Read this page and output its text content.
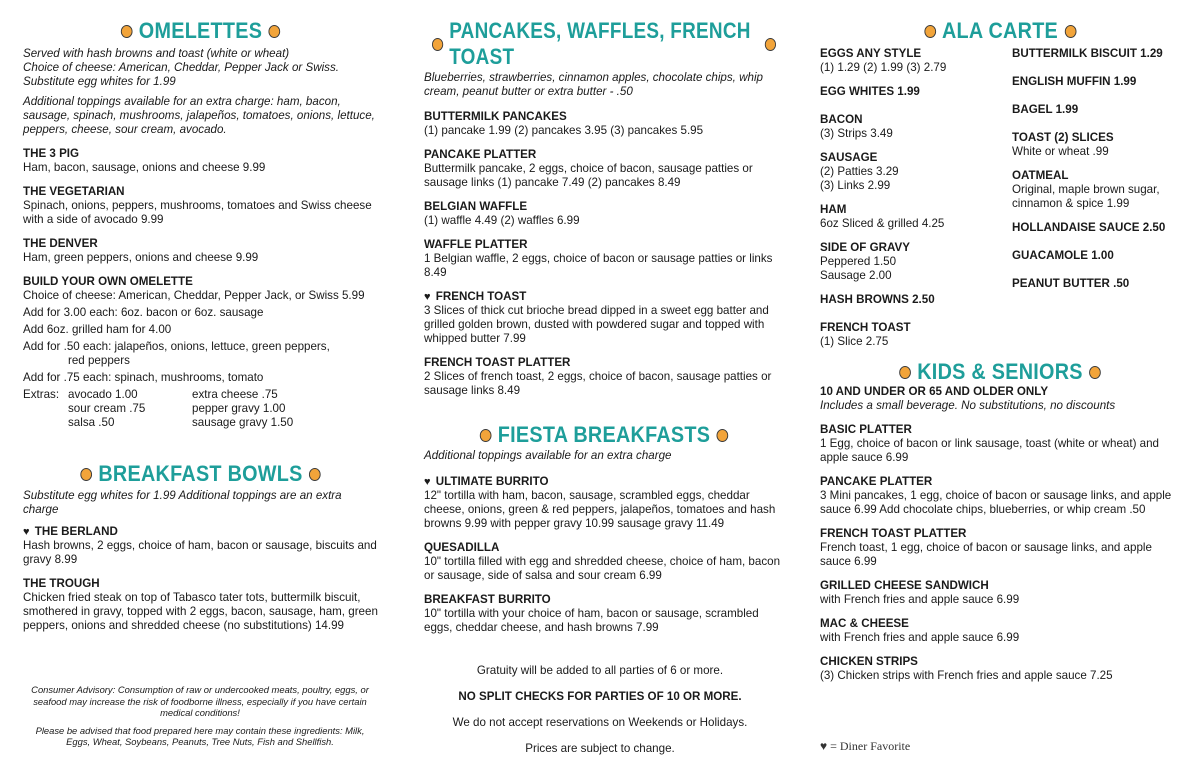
OMELETTES
Served with hash browns and toast (white or wheat)
Choice of cheese: American, Cheddar, Pepper Jack or Swiss.
Substitute egg whites for 1.99
Additional toppings available for an extra charge: ham, bacon, sausage, spinach, mushrooms, jalapeños, tomatoes, onions, lettuce, peppers, cheese, sour cream, avocado.
THE 3 PIG
Ham, bacon, sausage, onions and cheese 9.99
THE VEGETARIAN
Spinach, onions, peppers, mushrooms, tomatoes and Swiss cheese with a side of avocado 9.99
THE DENVER
Ham, green peppers, onions and cheese 9.99
BUILD YOUR OWN OMELETTE
Choice of cheese: American, Cheddar, Pepper Jack, or Swiss 5.99
Add for 3.00 each: 6oz. bacon or 6oz. sausage
Add 6oz. grilled ham for 4.00
Add for .50 each: jalapeños, onions, lettuce, green peppers,
red peppers
Add for .75 each: spinach, mushrooms, tomato
Extras: avocado 1.00	extra cheese .75
sour cream .75	pepper gravy 1.00
salsa .50	sausage gravy 1.50
BREAKFAST BOWLS
Substitute egg whites for 1.99 Additional toppings are an extra charge
♥ THE BERLAND
Hash browns, 2 eggs, choice of ham, bacon or sausage, biscuits and gravy 8.99
THE TROUGH
Chicken fried steak on top of Tabasco tater tots, buttermilk biscuit, smothered in gravy, topped with 2 eggs, bacon, sausage, ham, green peppers, onions and shredded cheese (no substitutions) 14.99
Consumer Advisory: Consumption of raw or undercooked meats, poultry, eggs, or seafood may increase the risk of foodborne illness, especially if you have certain medical conditions!
Please be advised that food prepared here may contain these ingredients: Milk, Eggs, Wheat, Soybeans, Peanuts, Tree Nuts, Fish and Shellfish.
PANCAKES, WAFFLES, FRENCH TOAST
Blueberries, strawberries, cinnamon apples, chocolate chips, whip cream, peanut butter or extra butter - .50
BUTTERMILK PANCAKES
(1) pancake 1.99 (2) pancakes 3.95 (3) pancakes 5.95
PANCAKE PLATTER
Buttermilk pancake, 2 eggs, choice of bacon, sausage patties or sausage links (1) pancake 7.49 (2) pancakes 8.49
BELGIAN WAFFLE
(1) waffle 4.49 (2) waffles 6.99
WAFFLE PLATTER
1 Belgian waffle, 2 eggs, choice of bacon or sausage patties or links 8.49
♥ FRENCH TOAST
3 Slices of thick cut brioche bread dipped in a sweet egg batter and grilled golden brown, dusted with powdered sugar and topped with whipped butter 7.99
FRENCH TOAST PLATTER
2 Slices of french toast, 2 eggs, choice of bacon, sausage patties or sausage links 8.49
FIESTA BREAKFASTS
Additional toppings available for an extra charge
♥ ULTIMATE BURRITO
12" tortilla with ham, bacon, sausage, scrambled eggs, cheddar cheese, onions, green & red peppers, jalapeños, tomatoes and hash browns 9.99 with pepper gravy 10.99 sausage gravy 11.49
QUESADILLA
10" tortilla filled with egg and shredded cheese, choice of ham, bacon or sausage, side of salsa and sour cream 6.99
BREAKFAST BURRITO
10" tortilla with your choice of ham, bacon or sausage, scrambled eggs, cheddar cheese, and hash browns 7.99
Gratuity will be added to all parties of 6 or more.
NO SPLIT CHECKS FOR PARTIES OF 10 OR MORE.
We do not accept reservations on Weekends or Holidays.
Prices are subject to change.
ALA CARTE
EGGS ANY STYLE
(1) 1.29 (2) 1.99 (3) 2.79
EGG WHITES 1.99
BACON
(3) Strips 3.49
SAUSAGE
(2) Patties 3.29
(3) Links 2.99
HAM
6oz Sliced & grilled 4.25
SIDE OF GRAVY
Peppered 1.50
Sausage 2.00
HASH BROWNS 2.50
FRENCH TOAST
(1) Slice 2.75
BUTTERMILK BISCUIT 1.29
ENGLISH MUFFIN 1.99
BAGEL 1.99
TOAST (2) SLICES
White or wheat .99
OATMEAL
Original, maple brown sugar, cinnamon & spice 1.99
HOLLANDAISE SAUCE 2.50
GUACAMOLE 1.00
PEANUT BUTTER .50
KIDS & SENIORS
10 AND UNDER OR 65 AND OLDER ONLY
Includes a small beverage. No substitutions, no discounts
BASIC PLATTER
1 Egg, choice of bacon or link sausage, toast (white or wheat) and apple sauce 6.99
PANCAKE PLATTER
3 Mini pancakes, 1 egg, choice of bacon or sausage links, and apple sauce 6.99 Add chocolate chips, blueberries, or whip cream .50
FRENCH TOAST PLATTER
French toast, 1 egg, choice of bacon or sausage links, and apple sauce 6.99
GRILLED CHEESE SANDWICH
with French fries and apple sauce 6.99
MAC & CHEESE
with French fries and apple sauce 6.99
CHICKEN STRIPS
(3) Chicken strips with French fries and apple sauce 7.25
♥ = Diner Favorite
